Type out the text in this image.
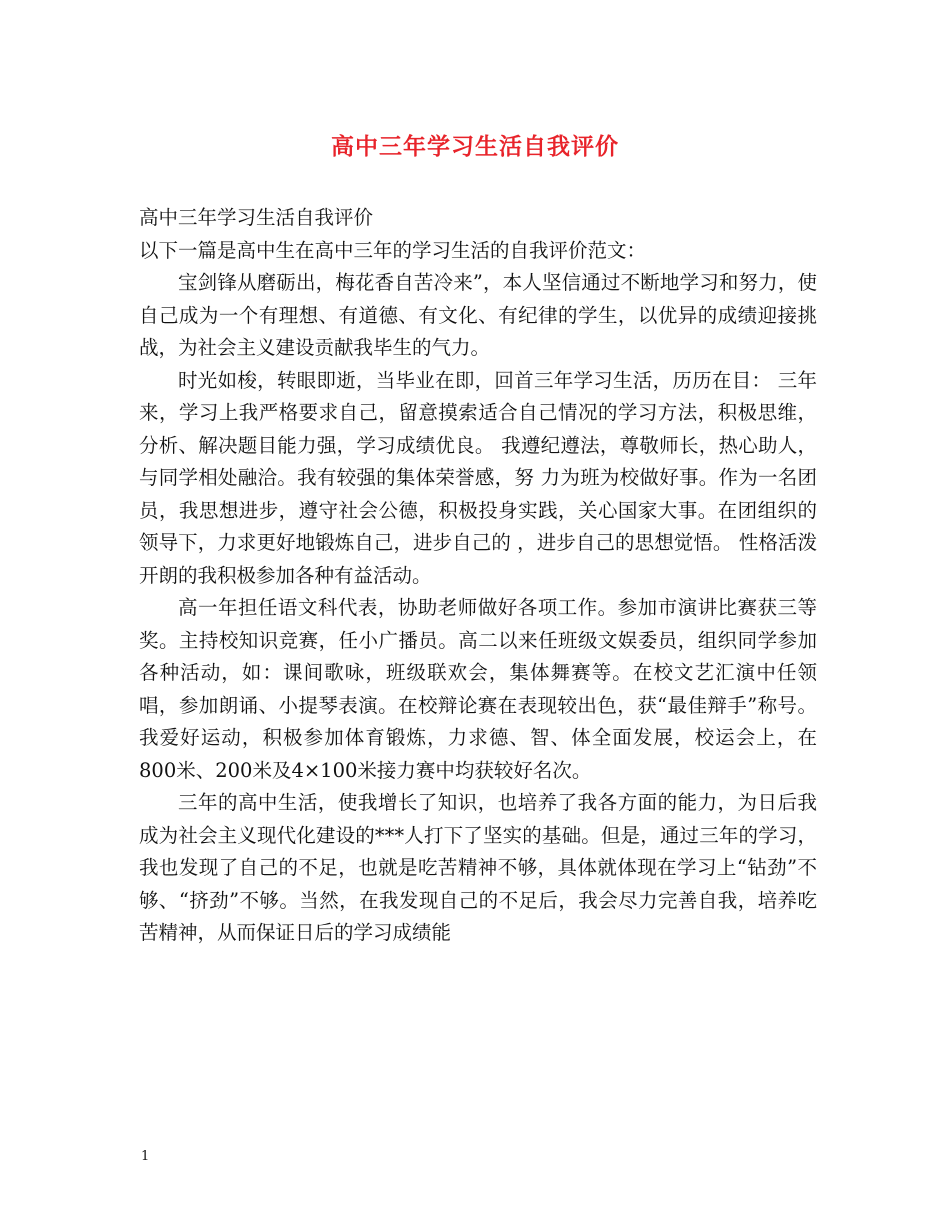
高中三年学习生活自我评价

高中三年学习生活自我评价

以下一篇是高中生在高中三年的学习生活的自我评价范文：

宝剑锋从磨砺出，梅花香自苦冷来”，本人坚信通过不断地学习和努力，使自己成为一个有理想、有道德、有文化、有纪律的学生，以优异的成绩迎接挑战，为社会主义建设贡献我毕生的气力。

时光如梭，转眼即逝，当毕业在即，回首三年学习生活，历历在目： 三年来，学习上我严格要求自己，留意摸索适合自己情况的学习方法，积极思维，分析、解决题目能力强，学习成绩优良。 我遵纪遵法，尊敬师长，热心助人，与同学相处融洽。我有较强的集体荣誉感，努 力为班为校做好事。作为一名团员，我思想进步，遵守社会公德，积极投身实践，关心国家大事。在团组织的领导下，力求更好地锻炼自己，进步自己的 ，进步自己的思想觉悟。 性格活泼开朗的我积极参加各种有益活动。

高一年担任语文科代表，协助老师做好各项工作。参加市演讲比赛获三等奖。主持校知识竞赛，任小广播员。高二以来任班级文娱委员，组织同学参加各种活动，如：课间歌咏，班级联欢会，集体舞赛等。在校文艺汇演中任领唱，参加朗诵、小提琴表演。在校辩论赛在表现较出色，获“最佳辩手”称号。我爱好运动，积极参加体育锻炼，力求德、智、体全面发展，校运会上，在800米、200米及4×100米接力赛中均获较好名次。

三年的高中生活，使我增长了知识，也培养了我各方面的能力，为日后我成为社会主义现代化建设的***人打下了坚实的基础。但是，通过三年的学习，我也发现了自己的不足，也就是吃苦精神不够，具体就体现在学习上“钻劲”不够、“挤劲”不够。当然，在我发现自己的不足后，我会尽力完善自我，培养吃苦精神，从而保证日后的学习成绩能

1
